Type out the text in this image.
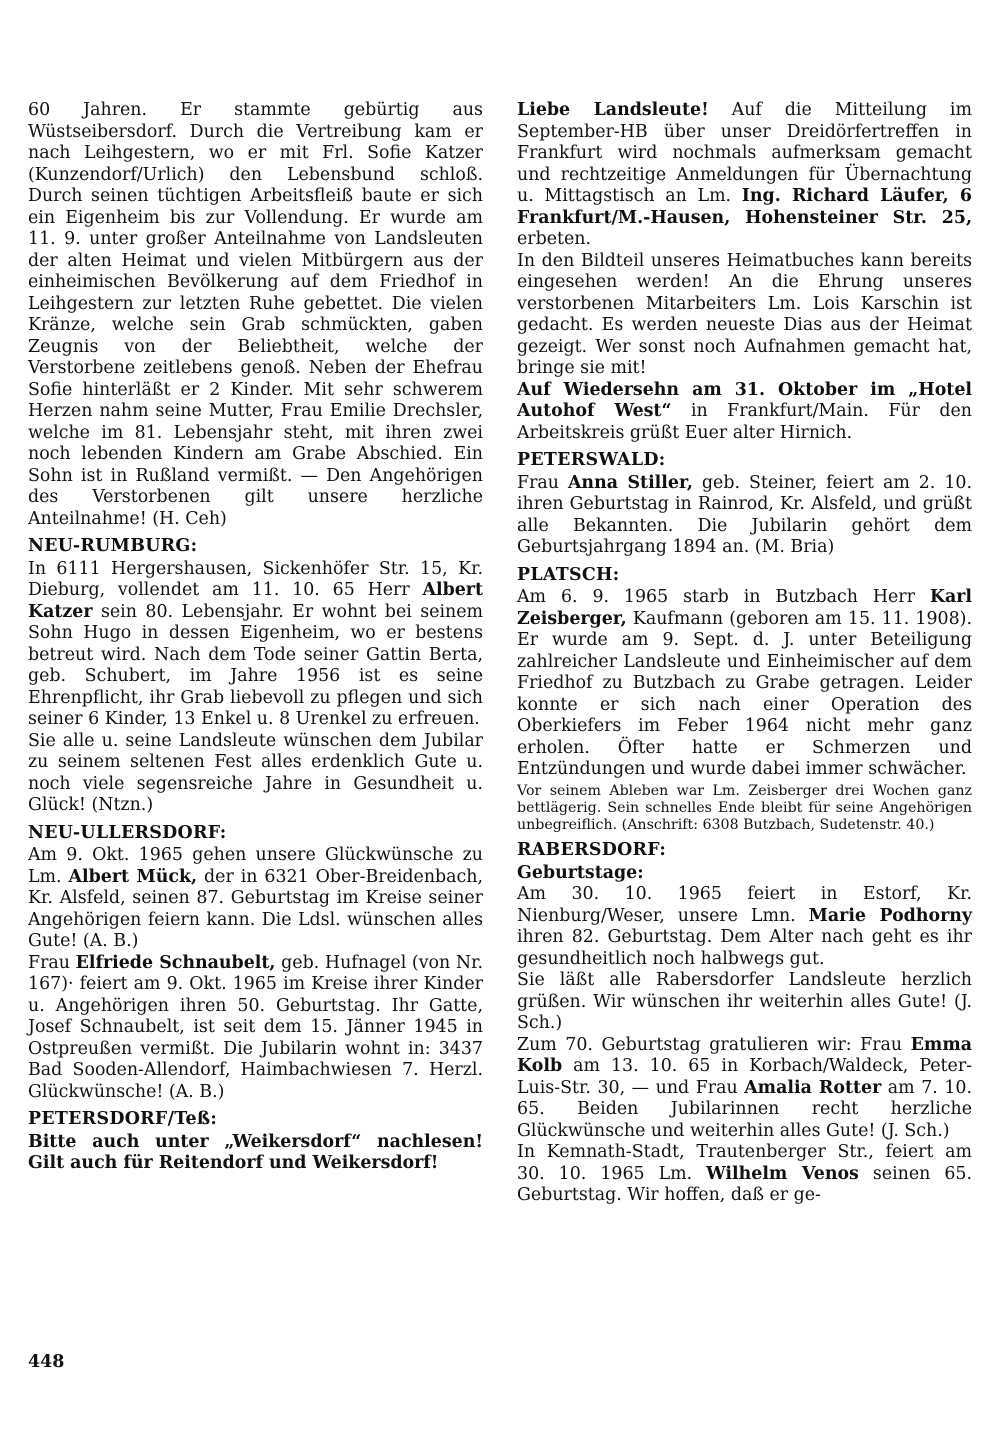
60 Jahren. Er stammte gebürtig aus Wüstseibersdorf. Durch die Vertreibung kam er nach Leihgestern, wo er mit Frl. Sofie Katzer (Kunzendorf/Urlich) den Lebensbund schloß. Durch seinen tüchtigen Arbeitsfleiß baute er sich ein Eigenheim bis zur Vollendung. Er wurde am 11. 9. unter großer Anteilnahme von Landsleuten der alten Heimat und vielen Mitbürgern aus der einheimischen Bevölkerung auf dem Friedhof in Leihgestern zur letzten Ruhe gebettet. Die vielen Kränze, welche sein Grab schmückten, gaben Zeugnis von der Beliebtheit, welche der Verstorbene zeitlebens genoß. Neben der Ehefrau Sofie hinterläßt er 2 Kinder. Mit sehr schwerem Herzen nahm seine Mutter, Frau Emilie Drechsler, welche im 81. Lebensjahr steht, mit ihren zwei noch lebenden Kindern am Grabe Abschied. Ein Sohn ist in Rußland vermißt. — Den Angehörigen des Verstorbenen gilt unsere herzliche Anteilnahme! (H. Ceh)

NEU-RUMBURG:

In 6111 Hergershausen, Sickenhöfer Str. 15, Kr. Dieburg, vollendet am 11. 10. 65 Herr Albert Katzer sein 80. Lebensjahr. Er wohnt bei seinem Sohn Hugo in dessen Eigenheim, wo er bestens betreut wird. Nach dem Tode seiner Gattin Berta, geb. Schubert, im Jahre 1956 ist es seine Ehrenpflicht, ihr Grab liebevoll zu pflegen und sich seiner 6 Kinder, 13 Enkel u. 8 Urenkel zu erfreuen.

Sie alle u. seine Landsleute wünschen dem Jubilar zu seinem seltenen Fest alles erdenklich Gute u. noch viele segensreiche Jahre in Gesundheit u. Glück! (Ntzn.)

NEU-ULLERSDORF:

Am 9. Okt. 1965 gehen unsere Glückwünsche zu Lm. Albert Mück, der in 6321 Ober-Breidenbach, Kr. Alsfeld, seinen 87. Geburtstag im Kreise seiner Angehörigen feiern kann. Die Ldsl. wünschen alles Gute! (A. B.)

Frau Elfriede Schnaubelt, geb. Hufnagel (von Nr. 167)· feiert am 9. Okt. 1965 im Kreise ihrer Kinder u. Angehörigen ihren 50. Geburtstag. Ihr Gatte, Josef Schnaubelt, ist seit dem 15. Jänner 1945 in Ostpreußen vermißt. Die Jubilarin wohnt in: 3437 Bad Sooden-Allendorf, Haimbachwiesen 7. Herzl. Glückwünsche! (A. B.)

PETERSDORF/Teß:

Bitte auch unter „Weikersdorf“ nachlesen! Gilt auch für Reitendorf und Weikersdorf!

Liebe Landsleute! Auf die Mitteilung im September-HB über unser Dreidörfertreffen in Frankfurt wird nochmals aufmerksam gemacht und rechtzeitige Anmeldungen für Übernachtung u. Mittagstisch an Lm. Ing. Richard Läufer, 6 Frankfurt/M.-Hausen, Hohensteiner Str. 25, erbeten.

In den Bildteil unseres Heimatbuches kann bereits eingesehen werden! An die Ehrung unseres verstorbenen Mitarbeiters Lm. Lois Karschin ist gedacht. Es werden neueste Dias aus der Heimat gezeigt. Wer sonst noch Aufnahmen gemacht hat, bringe sie mit!

Auf Wiedersehn am 31. Oktober im „Hotel Autohof West“ in Frankfurt/Main. Für den Arbeitskreis grüßt Euer alter Hirnich.

PETERSWALD:

Frau Anna Stiller, geb. Steiner, feiert am 2. 10. ihren Geburtstag in Rainrod, Kr. Alsfeld, und grüßt alle Bekannten. Die Jubilarin gehört dem Geburtsjahrgang 1894 an. (M. Bria)

PLATSCH:

Am 6. 9. 1965 starb in Butzbach Herr Karl Zeisberger, Kaufmann (geboren am 15. 11. 1908). Er wurde am 9. Sept. d. J. unter Beteiligung zahlreicher Landsleute und Einheimischer auf dem Friedhof zu Butzbach zu Grabe getragen. Leider konnte er sich nach einer Operation des Oberkiefers im Feber 1964 nicht mehr ganz erholen. Öfter hatte er Schmerzen und Entzündungen und wurde dabei immer schwächer.

Vor seinem Ableben war Lm. Zeisberger drei Wochen ganz bettlägerig. Sein schnelles Ende bleibt für seine Angehörigen unbegreiflich. (Anschrift: 6308 Butzbach, Sudetenstr. 40.)

RABERSDORF:

Geburtstage:

Am 30. 10. 1965 feiert in Estorf, Kr. Nienburg/Weser, unsere Lmn. Marie Podhorny ihren 82. Geburtstag. Dem Alter nach geht es ihr gesundheitlich noch halbwegs gut.

Sie läßt alle Rabersdorfer Landsleute herzlich grüßen. Wir wünschen ihr weiterhin alles Gute! (J. Sch.)

Zum 70. Geburtstag gratulieren wir: Frau Emma Kolb am 13. 10. 65 in Korbach/Waldeck, Peter-Luis-Str. 30, — und Frau Amalia Rotter am 7. 10. 65. Beiden Jubilarinnen recht herzliche Glückwünsche und weiterhin alles Gute! (J. Sch.)

In Kemnath-Stadt, Trautenberger Str., feiert am 30. 10. 1965 Lm. Wilhelm Venos seinen 65. Geburtstag. Wir hoffen, daß er ge-

448
